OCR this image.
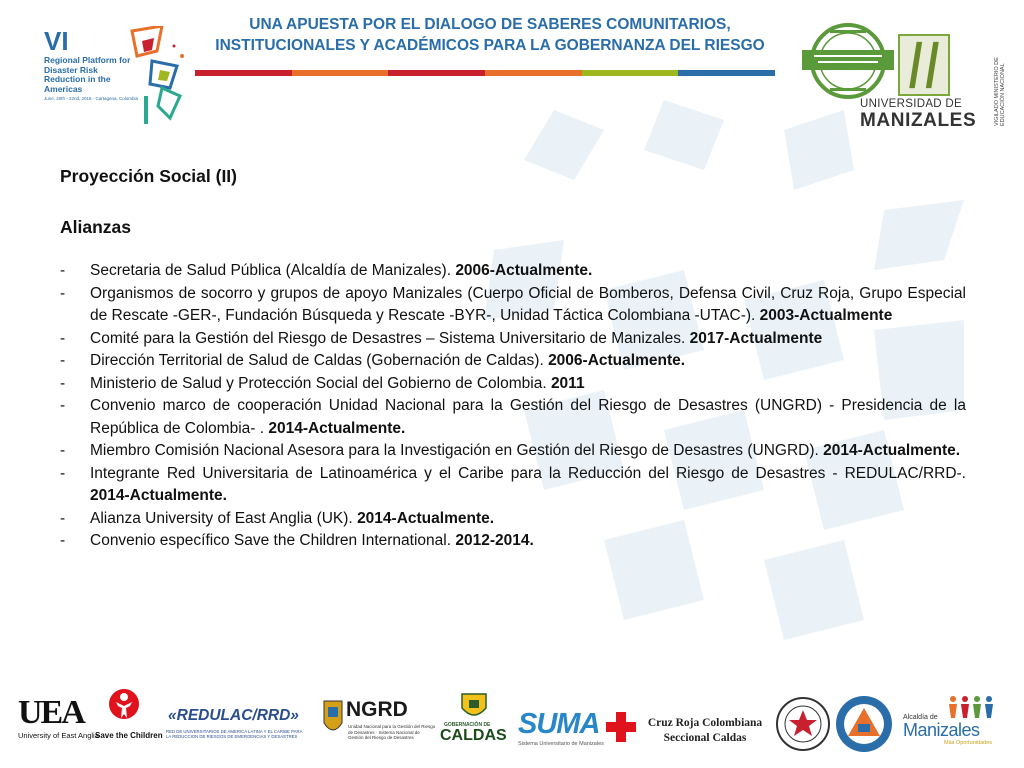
UNA APUESTA POR EL DIALOGO DE SABERES COMUNITARIOS,
INSTITUCIONALES Y ACADÉMICOS PARA LA GOBERNANZA DEL RIESGO
VI
Regional Platform for Disaster Risk Reduction in the Americas
June, 20th - 22nd, 2018 - Cartagena, Colombia	UNIVERSIDAD DE
MANIZALES	VIGILADO MINISTERIO DE EDUCACIÓN NACIONAL
Proyección Social (II)
Alianzas
- Secretaria de Salud Pública (Alcaldía de Manizales). 2006-Actualmente.
- Organismos de socorro y grupos de apoyo Manizales (Cuerpo Oficial de Bomberos, Defensa Civil, Cruz Roja, Grupo Especial de Rescate -GER-, Fundación Búsqueda y Rescate -BYR-, Unidad Táctica Colombiana -UTAC-). 2003-Actualmente
- Comité para la Gestión del Riesgo de Desastres – Sistema Universitario de Manizales. 2017-Actualmente
- Dirección Territorial de Salud de Caldas (Gobernación de Caldas). 2006-Actualmente.
- Ministerio de Salud y Protección Social del Gobierno de Colombia. 2011
- Convenio marco de cooperación Unidad Nacional para la Gestión del Riesgo de Desastres (UNGRD) - Presidencia de la República de Colombia- . 2014-Actualmente.
- Miembro Comisión Nacional Asesora para la Investigación en Gestión del Riesgo de Desastres (UNGRD). 2014-Actualmente.
- Integrante Red Universitaria de Latinoamérica y el Caribe para la Reducción del Riesgo de Desastres - REDULAC/RRD-. 2014-Actualmente.
- Alianza University of East Anglia (UK). 2014-Actualmente.
- Convenio específico Save the Children International. 2012-2014.
UEA
University of East Anglia
Save the Children
«REDULAC/RRD»
RED DE UNIVERSITARIOS DE AMERICA LATINA Y EL CARIBE PARA LA REDUCCION DE RIESGOS DE EMERGENCIAS Y DESASTRES
NGRD
Unidad Nacional para la Gestión del Riesgo de Desastres · Sistema Nacional de Gestión del Riesgo de Desastres
GOBERNACIÓN DE
CALDAS SUMA
Sistema Universitario de Manizales
Cruz Roja Colombiana
Seccional Caldas
Alcaldía de
Manizales
Más Oportunidades
